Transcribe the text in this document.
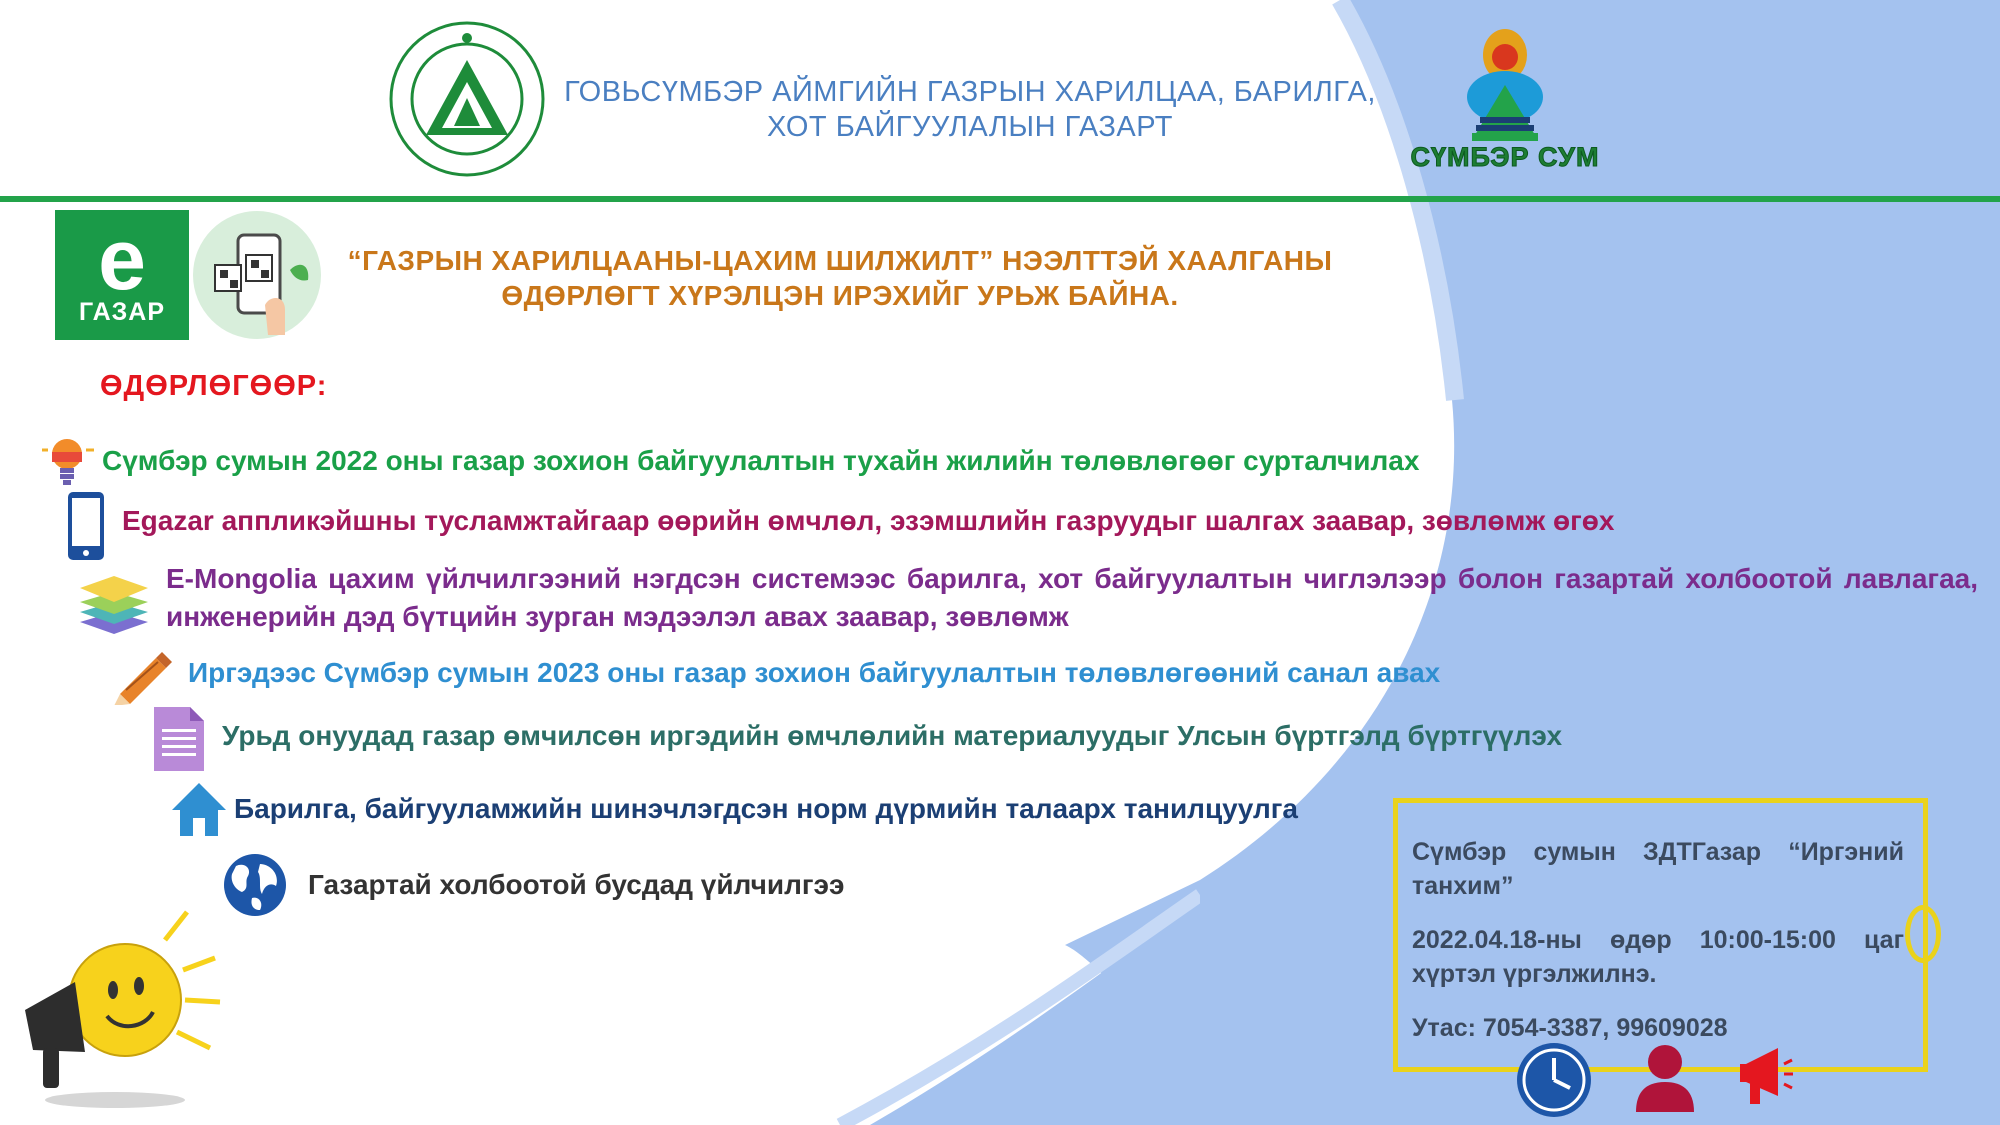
ГОВЬСҮМБЭР АЙМГИЙН ГАЗРЫН ХАРИЛЦАА, БАРИЛГА,
ХОТ БАЙГУУЛАЛЫН ГАЗАРТ
СҮМБЭР СУМ
e
ГАЗАР
“ГАЗРЫН ХАРИЛЦААНЫ-ЦАХИМ ШИЛЖИЛТ” НЭЭЛТТЭЙ ХААЛГАНЫ
ӨДӨРЛӨГТ ХҮРЭЛЦЭН ИРЭХИЙГ УРЬЖ БАЙНА.
ӨДӨРЛӨГӨӨР:
Сүмбэр сумын 2022 оны газар зохион байгуулалтын тухайн жилийн төлөвлөгөөг сурталчилах
Egazar аппликэйшны тусламжтайгаар өөрийн өмчлөл, эзэмшлийн газруудыг шалгах заавар, зөвлөмж өгөх
E-Mongolia цахим үйлчилгээний нэгдсэн системээс барилга, хот байгуулалтын чиглэлээр болон газартай холбоотой лавлагаа, инженерийн дэд бүтцийн зурган мэдээлэл авах заавар, зөвлөмж
Иргэдээс Сүмбэр сумын 2023 оны газар зохион байгуулалтын төлөвлөгөөний санал авах
Урьд онуудад газар өмчилсөн иргэдийн өмчлөлийн материалуудыг Улсын бүртгэлд бүртгүүлэх
Барилга, байгууламжийн шинэчлэгдсэн норм дүрмийн талаарх танилцуулга
Газартай холбоотой бусдад үйлчилгээ
Сүмбэр сумын ЗДТГазар “Иргэний танхим”
2022.04.18-ны өдөр 10:00-15:00 цаг хүртэл үргэлжилнэ.
Утас: 7054-3387, 99609028
